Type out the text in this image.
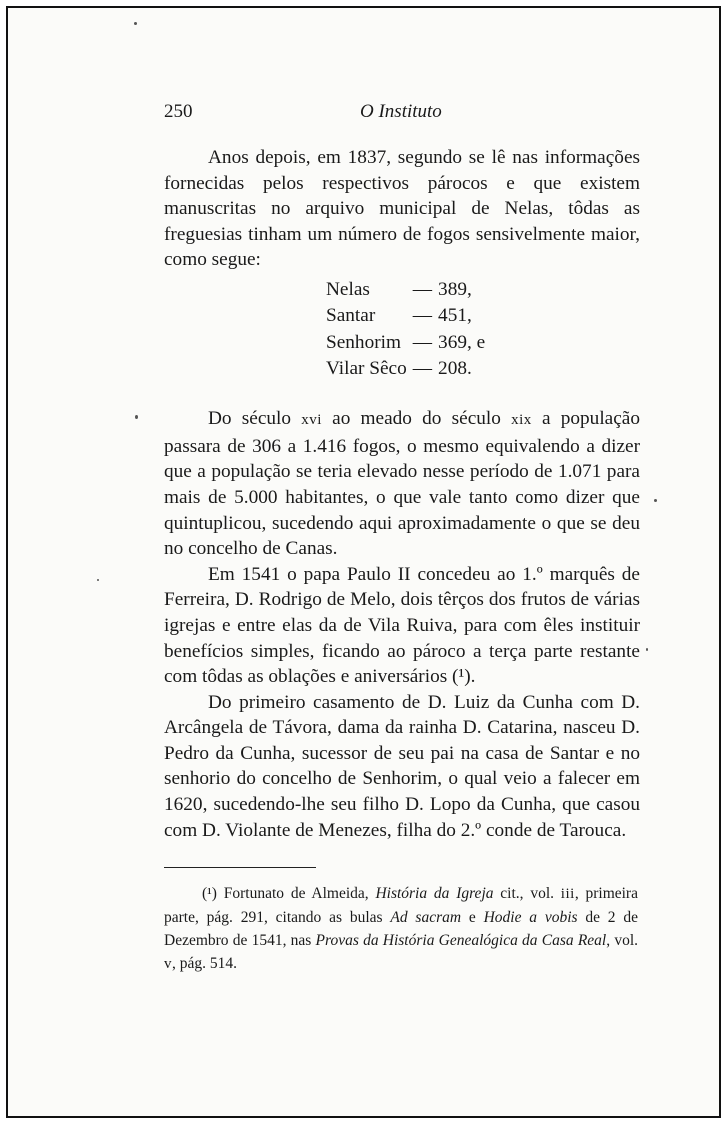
250	O Instituto

Anos depois, em 1837, segundo se lê nas informações fornecidas pelos respectivos párocos e que existem manuscritas no arquivo municipal de Nelas, tôdas as freguesias tinham um número de fogos sensivelmente maior, como segue:

Nelas	—	389,
Santar	—	451,
Senhorim	—	369, e
Vilar Sêco	—	208.

Do século xvi ao meado do século xix a população passara de 306 a 1.416 fogos, o mesmo equivalendo a dizer que a população se teria elevado nesse período de 1.071 para mais de 5.000 habitantes, o que vale tanto como dizer que quintuplicou, sucedendo aqui aproximadamente o que se deu no concelho de Canas.

Em 1541 o papa Paulo II concedeu ao 1.º marquês de Ferreira, D. Rodrigo de Melo, dois têrços dos frutos de várias igrejas e entre elas da de Vila Ruiva, para com êles instituir benefícios simples, ficando ao pároco a terça parte restante com tôdas as oblações e aniversários (¹).

Do primeiro casamento de D. Luiz da Cunha com D. Arcângela de Távora, dama da rainha D. Catarina, nasceu D. Pedro da Cunha, sucessor de seu pai na casa de Santar e no senhorio do concelho de Senhorim, o qual veio a falecer em 1620, sucedendo-lhe seu filho D. Lopo da Cunha, que casou com D. Violante de Menezes, filha do 2.º conde de Tarouca.

(¹) Fortunato de Almeida, História da Igreja cit., vol. iii, primeira parte, pág. 291, citando as bulas Ad sacram e Hodie a vobis de 2 de Dezembro de 1541, nas Provas da História Genealógica da Casa Real, vol. v, pág. 514.
